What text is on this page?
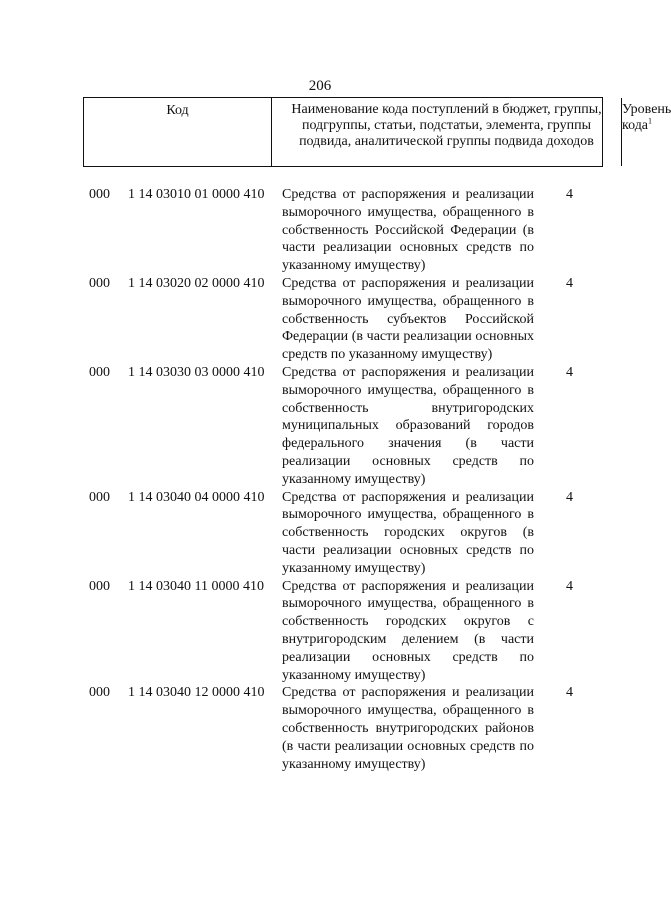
206
Код	Наименование кода поступлений в бюджет, группы, подгруппы, статьи, подстатьи, элемента, группы подвида, аналитической группы подвида доходов
Уровень кода$^1$
000 1 14 03010 01 0000 410 Средства от распоряжения и реализации выморочного имущества, обращенного в собственность Российской Федерации (в части реализации основных средств по указанному имуществу)
4
000 1 14 03020 02 0000 410 Средства от распоряжения и реализации выморочного имущества, обращенного в собственность субъектов Российской Федерации (в части реализации основных средств по указанному имуществу)
4
000 1 14 03030 03 0000 410 Средства от распоряжения и реализации выморочного имущества, обращенного в собственность внутригородских муниципальных образований городов федерального значения (в части реализации основных средств по указанному имуществу)
4
000 1 14 03040 04 0000 410 Средства от распоряжения и реализации выморочного имущества, обращенного в собственность городских округов (в части реализации основных средств по указанному имуществу)
4
000 1 14 03040 11 0000 410 Средства от распоряжения и реализации выморочного имущества, обращенного в собственность городских округов с внутригородским делением (в части реализации основных средств по указанному имуществу)
4
000 1 14 03040 12 0000 410 Средства от распоряжения и реализации выморочного имущества, обращенного в собственность внутригородских районов (в части реализации основных средств по указанному имуществу)
4
